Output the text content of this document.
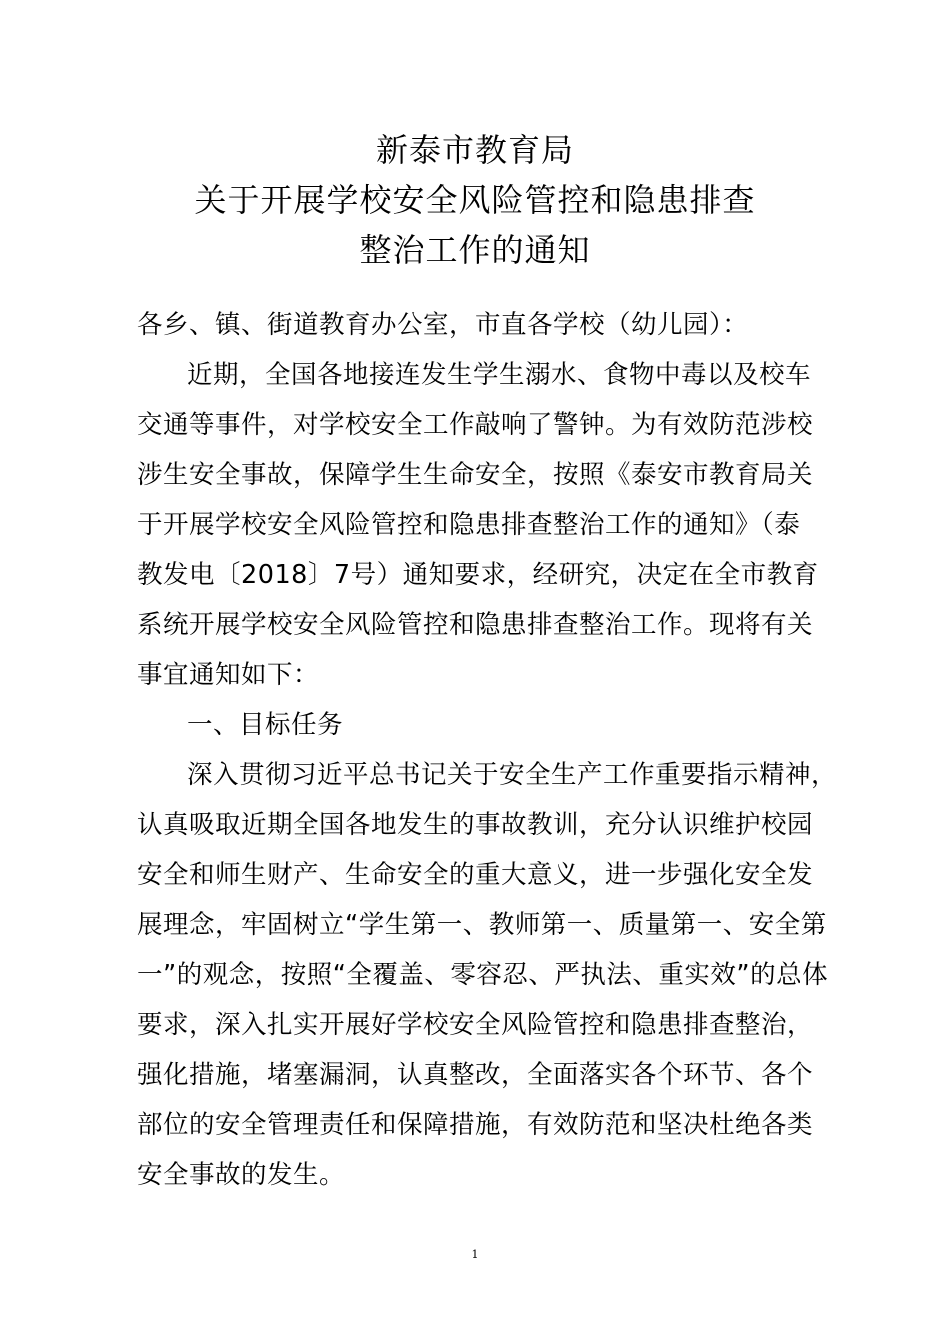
新泰市教育局
关于开展学校安全风险管控和隐患排查
整治工作的通知
各乡、镇、街道教育办公室，市直各学校（幼儿园）：
近期，全国各地接连发生学生溺水、食物中毒以及校车
交通等事件，对学校安全工作敲响了警钟。为有效防范涉校
涉生安全事故，保障学生生命安全，按照《泰安市教育局关
于开展学校安全风险管控和隐患排查整治工作的通知》（泰
教发电〔2018〕7号）通知要求，经研究，决定在全市教育
系统开展学校安全风险管控和隐患排查整治工作。现将有关
事宜通知如下：
一、目标任务
深入贯彻习近平总书记关于安全生产工作重要指示精神，
认真吸取近期全国各地发生的事故教训，充分认识维护校园
安全和师生财产、生命安全的重大意义，进一步强化安全发
展理念，牢固树立“学生第一、教师第一、质量第一、安全第
一”的观念，按照“全覆盖、零容忍、严执法、重实效”的总体
要求，深入扎实开展好学校安全风险管控和隐患排查整治，
强化措施，堵塞漏洞，认真整改，全面落实各个环节、各个
部位的安全管理责任和保障措施，有效防范和坚决杜绝各类
安全事故的发生。
1
